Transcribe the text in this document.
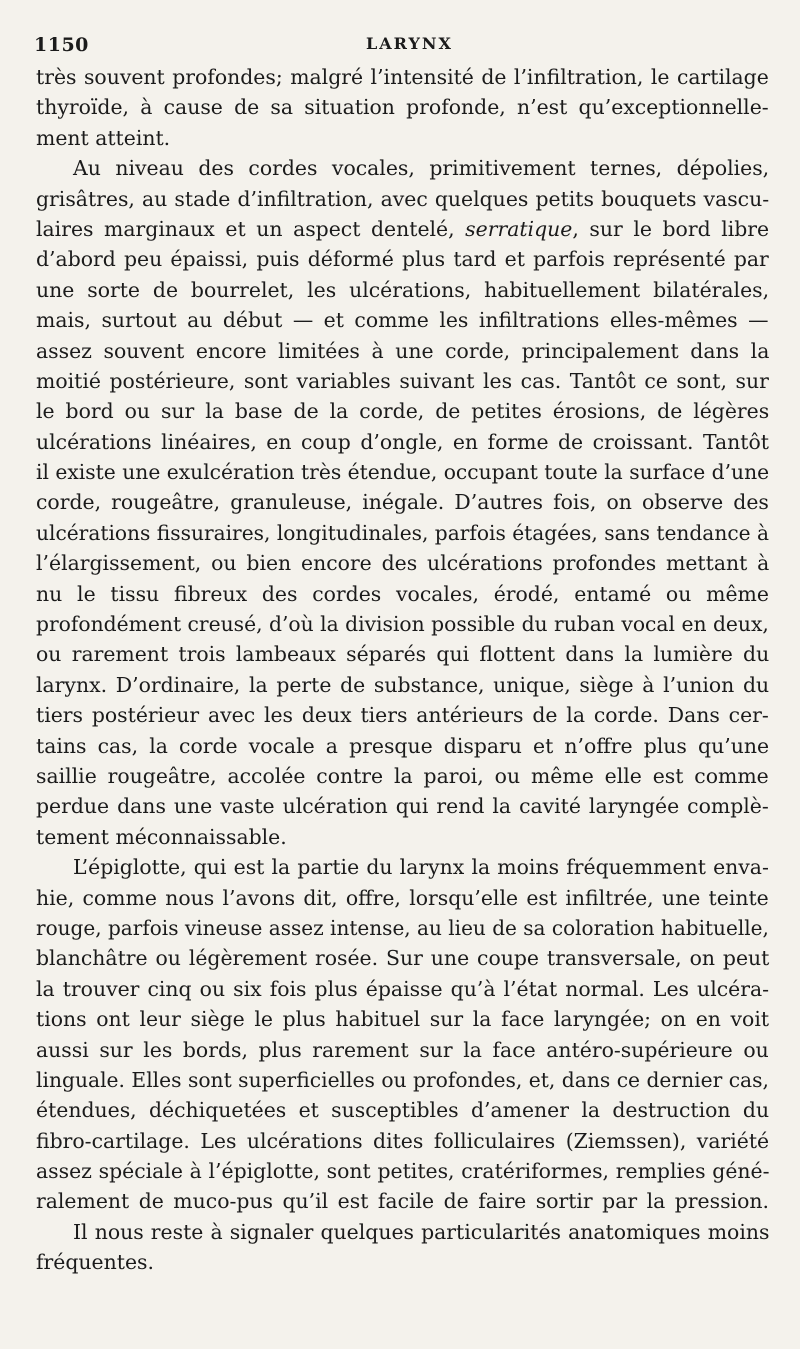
1150	LARYNX
très souvent profondes; malgré l’intensité de l’infiltration, le cartilage
thyroïde, à cause de sa situation profonde, n’est qu’exceptionnelle-
ment atteint.
Au niveau des cordes vocales, primitivement ternes, dépolies,
grisâtres, au stade d’infiltration, avec quelques petits bouquets vascu-
laires marginaux et un aspect dentelé, serratique, sur le bord libre
d’abord peu épaissi, puis déformé plus tard et parfois représenté par
une sorte de bourrelet, les ulcérations, habituellement bilatérales,
mais, surtout au début — et comme les infiltrations elles-mêmes —
assez souvent encore limitées à une corde, principalement dans la
moitié postérieure, sont variables suivant les cas. Tantôt ce sont, sur
le bord ou sur la base de la corde, de petites érosions, de légères
ulcérations linéaires, en coup d’ongle, en forme de croissant. Tantôt
il existe une exulcération très étendue, occupant toute la surface d’une
corde, rougeâtre, granuleuse, inégale. D’autres fois, on observe des
ulcérations fissuraires, longitudinales, parfois étagées, sans tendance à
l’élargissement, ou bien encore des ulcérations profondes mettant à
nu le tissu fibreux des cordes vocales, érodé, entamé ou même
profondément creusé, d’où la division possible du ruban vocal en deux,
ou rarement trois lambeaux séparés qui flottent dans la lumière du
larynx. D’ordinaire, la perte de substance, unique, siège à l’union du
tiers postérieur avec les deux tiers antérieurs de la corde. Dans cer-
tains cas, la corde vocale a presque disparu et n’offre plus qu’une
saillie rougeâtre, accolée contre la paroi, ou même elle est comme
perdue dans une vaste ulcération qui rend la cavité laryngée complè-
tement méconnaissable.
L’épiglotte, qui est la partie du larynx la moins fréquemment enva-
hie, comme nous l’avons dit, offre, lorsqu’elle est infiltrée, une teinte
rouge, parfois vineuse assez intense, au lieu de sa coloration habituelle,
blanchâtre ou légèrement rosée. Sur une coupe transversale, on peut
la trouver cinq ou six fois plus épaisse qu’à l’état normal. Les ulcéra-
tions ont leur siège le plus habituel sur la face laryngée; on en voit
aussi sur les bords, plus rarement sur la face antéro-supérieure ou
linguale. Elles sont superficielles ou profondes, et, dans ce dernier cas,
étendues, déchiquetées et susceptibles d’amener la destruction du
fibro-cartilage. Les ulcérations dites folliculaires (Ziemssen), variété
assez spéciale à l’épiglotte, sont petites, cratériformes, remplies géné-
ralement de muco-pus qu’il est facile de faire sortir par la pression.
Il nous reste à signaler quelques particularités anatomiques moins
fréquentes.
